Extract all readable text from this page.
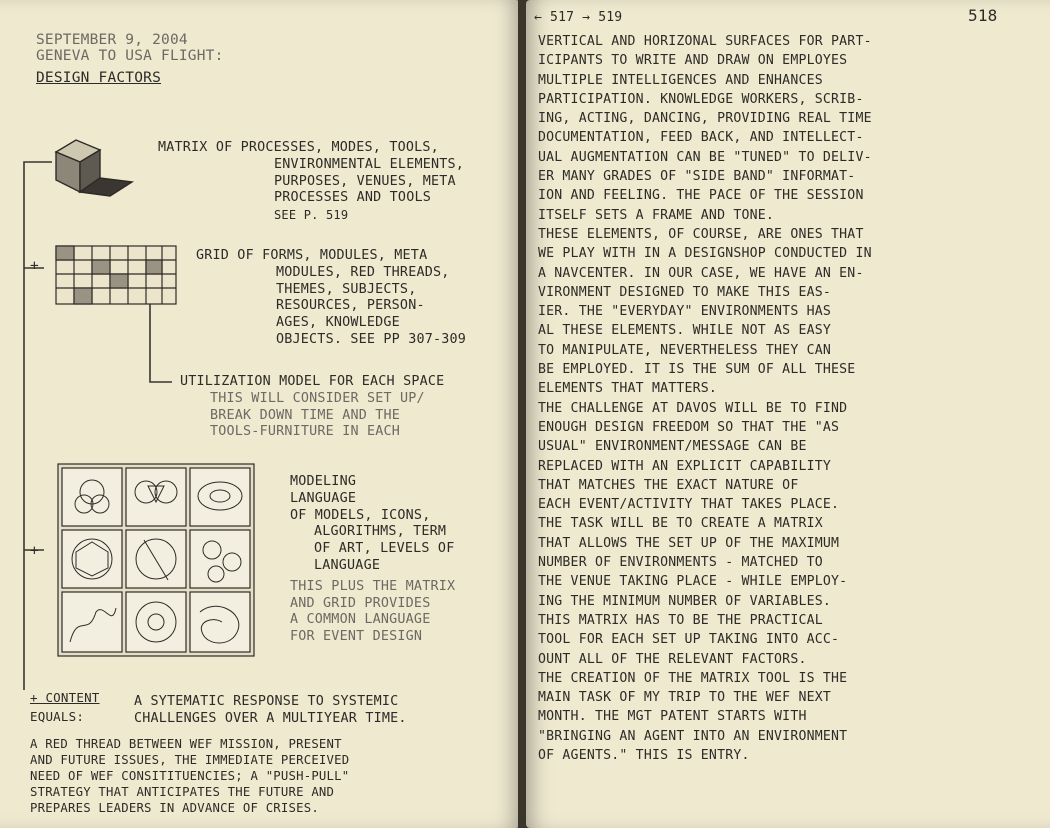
SEPTEMBER 9, 2004
GENEVA TO USA FLIGHT:
DESIGN FACTORS
MATRIX OF PROCESSES, MODES, TOOLS,
ENVIRONMENTAL ELEMENTS,
PURPOSES, VENUES, META
PROCESSES AND TOOLS
SEE P. 519
GRID OF FORMS, MODULES, META
MODULES, RED THREADS,
THEMES, SUBJECTS,
RESOURCES, PERSON-
AGES, KNOWLEDGE
OBJECTS. SEE PP 307-309
+
+
UTILIZATION MODEL FOR EACH SPACE
THIS WILL CONSIDER SET UP/
BREAK DOWN TIME AND THE
TOOLS-FURNITURE IN EACH
MODELING
LANGUAGE
OF MODELS, ICONS,
ALGORITHMS, TERM
OF ART, LEVELS OF
LANGUAGE
THIS PLUS THE MATRIX
AND GRID PROVIDES
A COMMON LANGUAGE
FOR EVENT DESIGN
+ CONTENT
EQUALS:
A SYTEMATIC RESPONSE TO SYSTEMIC
CHALLENGES OVER A MULTIYEAR TIME.
A RED THREAD BETWEEN WEF MISSION, PRESENT
AND FUTURE ISSUES, THE IMMEDIATE PERCEIVED
NEED OF WEF CONSITITUENCIES; A "PUSH-PULL"
STRATEGY THAT ANTICIPATES THE FUTURE AND
PREPARES LEADERS IN ADVANCE OF CRISES.
← 517 → 519	518
VERTICAL AND HORIZONAL SURFACES FOR PART-
ICIPANTS TO WRITE AND DRAW ON EMPLOYES
MULTIPLE INTELLIGENCES AND ENHANCES
PARTICIPATION. KNOWLEDGE WORKERS, SCRIB-
ING, ACTING, DANCING, PROVIDING REAL TIME
DOCUMENTATION, FEED BACK, AND INTELLECT-
UAL AUGMENTATION CAN BE "TUNED" TO DELIV-
ER MANY GRADES OF "SIDE BAND" INFORMAT-
ION AND FEELING. THE PACE OF THE SESSION
ITSELF SETS A FRAME AND TONE.
THESE ELEMENTS, OF COURSE, ARE ONES THAT
WE PLAY WITH IN A DESIGNSHOP CONDUCTED IN
A NAVCENTER. IN OUR CASE, WE HAVE AN EN-
VIRONMENT DESIGNED TO MAKE THIS EAS-
IER. THE "EVERYDAY" ENVIRONMENTS HAS
AL THESE ELEMENTS. WHILE NOT AS EASY
TO MANIPULATE, NEVERTHELESS THEY CAN
BE EMPLOYED. IT IS THE SUM OF ALL THESE
ELEMENTS THAT MATTERS.
THE CHALLENGE AT DAVOS WILL BE TO FIND
ENOUGH DESIGN FREEDOM SO THAT THE "AS
USUAL" ENVIRONMENT/MESSAGE CAN BE
REPLACED WITH AN EXPLICIT CAPABILITY
THAT MATCHES THE EXACT NATURE OF
EACH EVENT/ACTIVITY THAT TAKES PLACE.
THE TASK WILL BE TO CREATE A MATRIX
THAT ALLOWS THE SET UP OF THE MAXIMUM
NUMBER OF ENVIRONMENTS - MATCHED TO
THE VENUE TAKING PLACE - WHILE EMPLOY-
ING THE MINIMUM NUMBER OF VARIABLES.
THIS MATRIX HAS TO BE THE PRACTICAL
TOOL FOR EACH SET UP TAKING INTO ACC-
OUNT ALL OF THE RELEVANT FACTORS.
THE CREATION OF THE MATRIX TOOL IS THE
MAIN TASK OF MY TRIP TO THE WEF NEXT
MONTH. THE MGT PATENT STARTS WITH
"BRINGING AN AGENT INTO AN ENVIRONMENT
OF AGENTS." THIS IS ENTRY.
